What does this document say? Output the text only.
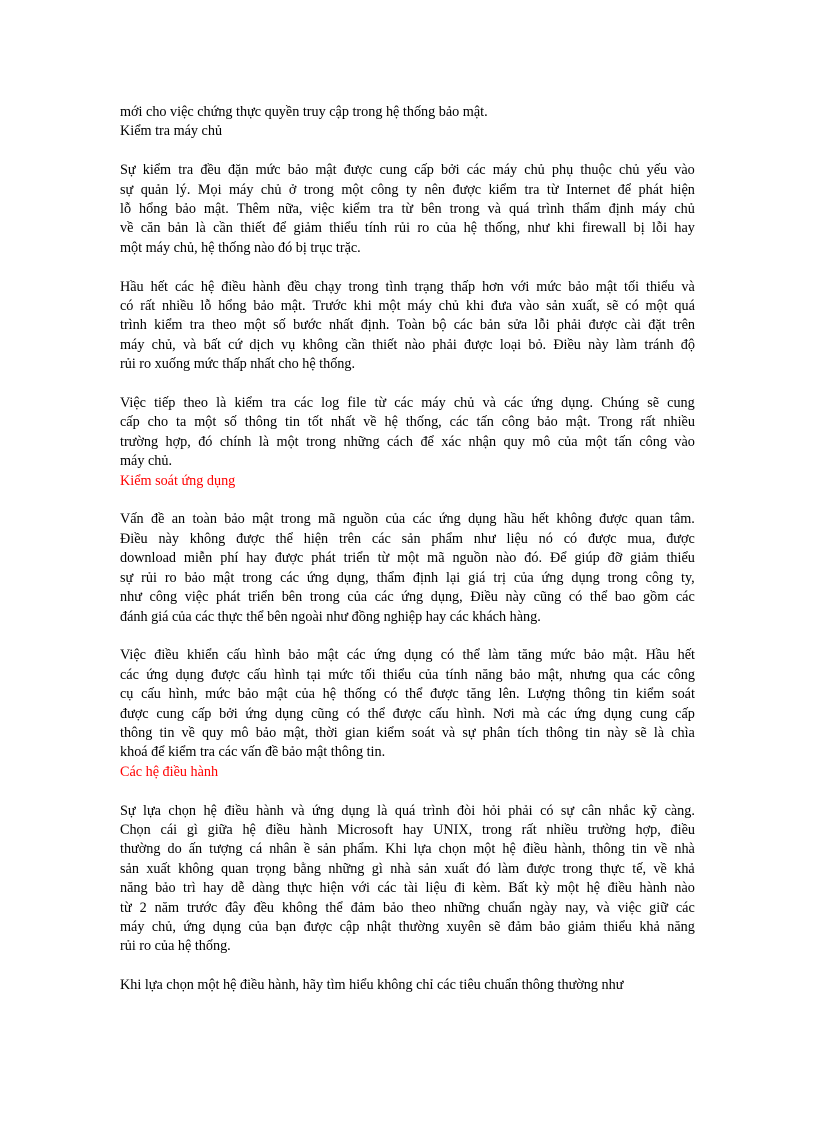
mới cho việc chứng thực quyền truy cập trong hệ thống bảo mật.
Kiểm tra máy chủ
Sự kiểm tra đều đặn mức bảo mật được cung cấp bởi các máy chủ phụ thuộc chủ yếu vào
sự quản lý. Mọi máy chủ ở trong một công ty nên được kiểm tra từ Internet để phát hiện
lỗ hổng bảo mật. Thêm nữa, việc kiểm tra từ bên trong và quá trình thẩm định máy chủ
về căn bản là cần thiết để giảm thiểu tính rủi ro của hệ thống, như khi firewall bị lỗi hay
một máy chủ, hệ thống nào đó bị trục trặc.
Hầu hết các hệ điều hành đều chạy trong tình trạng thấp hơn với mức bảo mật tối thiểu và
có rất nhiều lỗ hổng bảo mật. Trước khi một máy chủ khi đưa vào sản xuất, sẽ có một quá
trình kiểm tra theo một số bước nhất định. Toàn bộ các bản sửa lỗi phải được cài đặt trên
máy chủ, và bất cứ dịch vụ không cần thiết nào phải được loại bỏ. Điều này làm tránh độ
rủi ro xuống mức thấp nhất cho hệ thống.
Việc tiếp theo là kiểm tra các log file từ các máy chủ và các ứng dụng. Chúng sẽ cung
cấp cho ta một số thông tin tốt nhất về hệ thống, các tấn công bảo mật. Trong rất nhiều
trường hợp, đó chính là một trong những cách để xác nhận quy mô của một tấn công vào
máy chủ.
Kiểm soát ứng dụng
Vấn đề an toàn bảo mật trong mã nguồn của các ứng dụng hầu hết không được quan tâm.
Điều này không được thể hiện trên các sản phẩm như liệu nó có được mua, được
download miễn phí hay được phát triển từ một mã nguồn nào đó. Để giúp đỡ giảm thiểu
sự rủi ro bảo mật trong các ứng dụng, thẩm định lại giá trị của ứng dụng trong công ty,
như công việc phát triển bên trong của các ứng dụng, Điều này cũng có thể bao gồm các
đánh giá của các thực thể bên ngoài như đồng nghiệp hay các khách hàng.
Việc điều khiển cấu hình bảo mật các ứng dụng có thể làm tăng mức bảo mật. Hầu hết
các ứng dụng được cấu hình tại mức tối thiểu của tính năng bảo mật, nhưng qua các công
cụ cấu hình, mức bảo mật của hệ thống có thể được tăng lên. Lượng thông tin kiểm soát
được cung cấp bởi ứng dụng cũng có thể được cấu hình. Nơi mà các ứng dụng cung cấp
thông tin về quy mô bảo mật, thời gian kiểm soát và sự phân tích thông tin này sẽ là chìa
khoá để kiểm tra các vấn đề bảo mật thông tin.
Các hệ điều hành
Sự lựa chọn hệ điều hành và ứng dụng là quá trình đòi hỏi phải có sự cân nhắc kỹ càng.
Chọn cái gì giữa hệ điều hành Microsoft hay UNIX, trong rất nhiều trường hợp, điều
thường do ấn tượng cá nhân ề sản phẩm. Khi lựa chọn một hệ điều hành, thông tin về nhà
sản xuất không quan trọng bằng những gì nhà sản xuất đó làm được trong thực tế, về khả
năng bảo trì hay dễ dàng thực hiện với các tài liệu đi kèm. Bất kỳ một hệ điều hành nào
từ 2 năm trước đây đều không thể đảm bảo theo những chuẩn ngày nay, và việc giữ các
máy chủ, ứng dụng của bạn được cập nhật thường xuyên sẽ đảm bảo giảm thiểu khả năng
rủi ro của hệ thống.
Khi lựa chọn một hệ điều hành, hãy tìm hiểu không chỉ các tiêu chuẩn thông thường như
